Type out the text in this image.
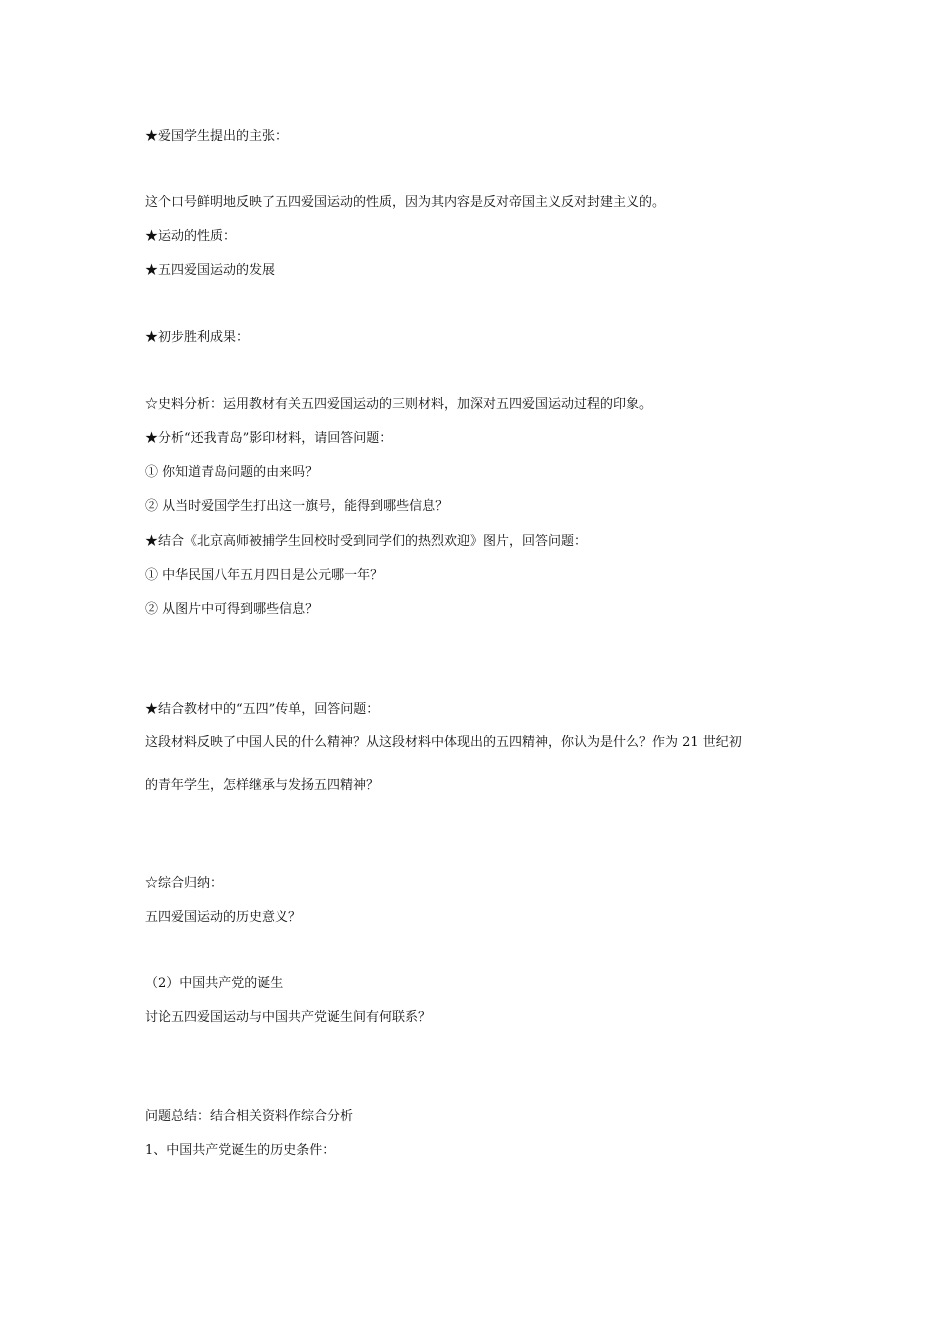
★爱国学生提出的主张：
这个口号鲜明地反映了五四爱国运动的性质，因为其内容是反对帝国主义反对封建主义的。
★运动的性质：
★五四爱国运动的发展
★初步胜利成果：
☆史料分析：运用教材有关五四爱国运动的三则材料，加深对五四爱国运动过程的印象。
★分析“还我青岛”影印材料，请回答问题：
① 你知道青岛问题的由来吗？
② 从当时爱国学生打出这一旗号，能得到哪些信息？
★结合《北京高师被捕学生回校时受到同学们的热烈欢迎》图片，回答问题：
① 中华民国八年五月四日是公元哪一年？
② 从图片中可得到哪些信息？
★结合教材中的“五四”传单，回答问题：
这段材料反映了中国人民的什么精神？从这段材料中体现出的五四精神，你认为是什么？作为 21 世纪初
的青年学生，怎样继承与发扬五四精神？
☆综合归纳：
五四爱国运动的历史意义？
（2）中国共产党的诞生
讨论五四爱国运动与中国共产党诞生间有何联系？
问题总结：结合相关资料作综合分析
1、中国共产党诞生的历史条件：
